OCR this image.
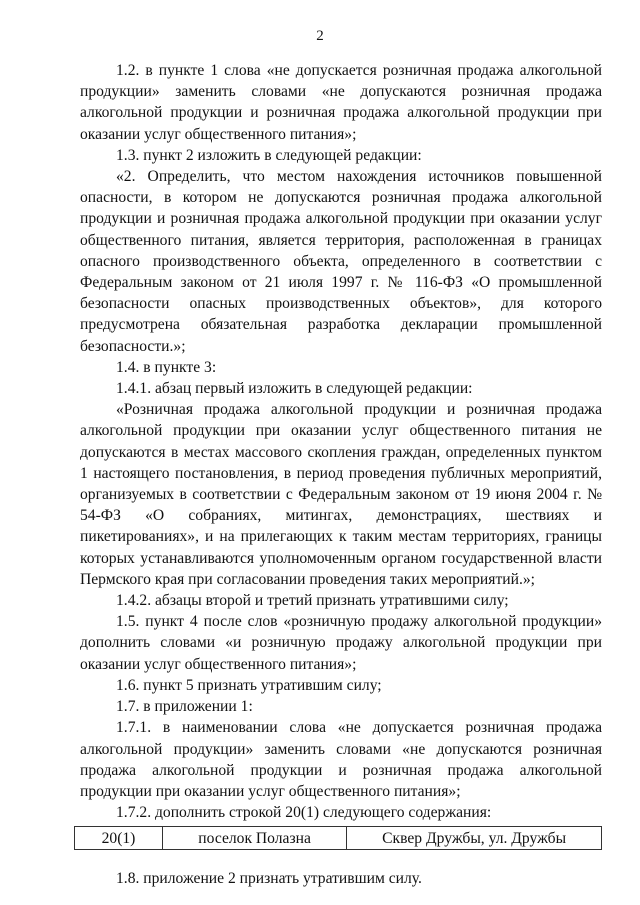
2

1.2. в пункте 1 слова «не допускается розничная продажа алкогольной продукции» заменить словами «не допускаются розничная продажа алкогольной продукции и розничная продажа алкогольной продукции при оказании услуг общественного питания»;

1.3. пункт 2 изложить в следующей редакции:

«2. Определить, что местом нахождения источников повышенной опасности, в котором не допускаются розничная продажа алкогольной продукции и розничная продажа алкогольной продукции при оказании услуг общественного питания, является территория, расположенная в границах опасного производственного объекта, определенного в соответствии с Федеральным законом от 21 июля 1997 г. № 116-ФЗ «О промышленной безопасности опасных производственных объектов», для которого предусмотрена обязательная разработка декларации промышленной безопасности.»;

1.4. в пункте 3:

1.4.1. абзац первый изложить в следующей редакции:

«Розничная продажа алкогольной продукции и розничная продажа алкогольной продукции при оказании услуг общественного питания не допускаются в местах массового скопления граждан, определенных пунктом 1 настоящего постановления, в период проведения публичных мероприятий, организуемых в соответствии с Федеральным законом от 19 июня 2004 г. № 54-ФЗ «О собраниях, митингах, демонстрациях, шествиях и пикетированиях», и на прилегающих к таким местам территориях, границы которых устанавливаются уполномоченным органом государственной власти Пермского края при согласовании проведения таких мероприятий.»;

1.4.2. абзацы второй и третий признать утратившими силу;

1.5. пункт 4 после слов «розничную продажу алкогольной продукции» дополнить словами «и розничную продажу алкогольной продукции при оказании услуг общественного питания»;

1.6. пункт 5 признать утратившим силу;

1.7. в приложении 1:

1.7.1. в наименовании слова «не допускается розничная продажа алкогольной продукции» заменить словами «не допускаются розничная продажа алкогольной продукции и розничная продажа алкогольной продукции при оказании услуг общественного питания»;

1.7.2. дополнить строкой 20(1) следующего содержания:

20(1)	поселок Полазна	Сквер Дружбы, ул. Дружбы

1.8. приложение 2 признать утратившим силу.
